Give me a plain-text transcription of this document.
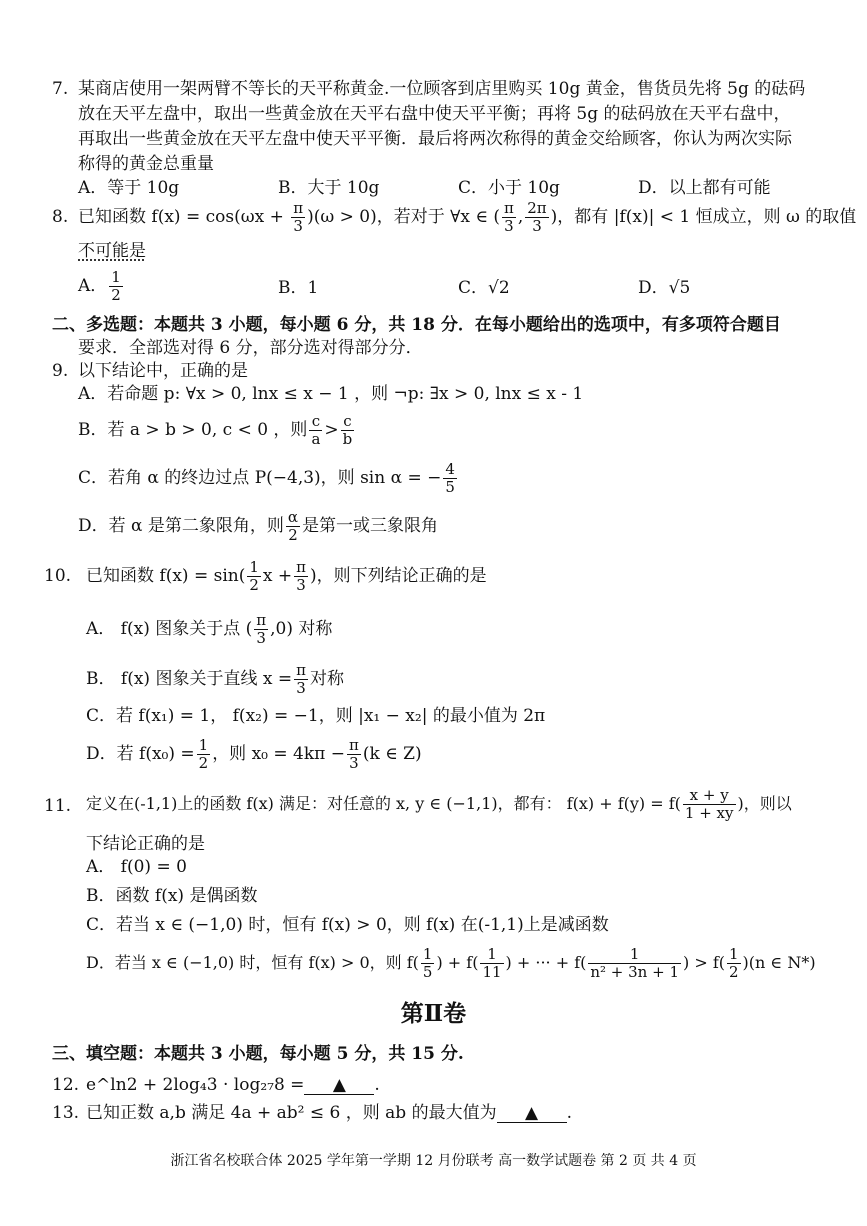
7. 某商店使用一架两臂不等长的天平称黄金.一位顾客到店里购买 10g 黄金，售货员先将 5g 的砝码
放在天平左盘中，取出一些黄金放在天平右盘中使天平平衡；再将 5g 的砝码放在天平右盘中，
再取出一些黄金放在天平左盘中使天平平衡．最后将两次称得的黄金交给顾客，你认为两次实际
称得的黄金总重量
A．等于 10g	B．大于 10g	C．小于 10g	D．以上都有可能
8. 已知函数 $f(x) = \cos(\omega x + \frac{\pi}{3} )(\omega > 0)$，若对于 ∀x ∈ ( $\frac{\pi}{3}$ , $\frac{2\pi}{3}$ )，都有 |f(x)| < 1 恒成立，则 ω 的取值
不可能是
A． $\frac{1}{2}$	B．1	C．√2	D．√5
二、多选题：本题共 3 小题，每小题 6 分，共 18 分．在每小题给出的选项中，有多项符合题目
要求．全部选对得 6 分，部分选对得部分分．
9. 以下结论中，正确的是
A．若命题 p: ∀x > 0, lnx ≤ x − 1 ，则 ¬p: ∃x > 0, lnx ≤ x - 1
B．若 a > b > 0, c < 0 ，则 $\frac{c}{a} > \frac{c}{b}$
C．若角 α 的终边过点 P(−4,3)，则 sin α = − $\frac{4}{5}$
D．若 α 是第二象限角，则 $\frac{\alpha}{2}$ 是第一或三象限角
10. 已知函数 $f(x) = \sin( \frac{1}{2}$ $x + \frac{\pi}{3}$ )，则下列结论正确的是
A． f(x) 图象关于点 ( $\frac{\pi}{3} ,0$) 对称
B． f(x) 图象关于直线 $x = \frac{\pi}{3}$ 对称
C．若 f(x₁) = 1， f(x₂) = −1，则 |x₁ − x₂| 的最小值为 2π
D．若 $f(x_0) = \frac{1}{2}$ ，则 $x_0 = 4k\pi - \frac{\pi}{3} (k$ ∈ Z)
11. 定义在(-1,1)上的函数 f(x) 满足：对任意的 x, y ∈ (−1,1)，都有： $f(x) + f(y) = f( \frac{x + y}{1 + xy}$ )，则以
下结论正确的是
A． f(0) = 0
B．函数 f(x) 是偶函数
C．若当 x ∈ (−1,0) 时，恒有 f(x) > 0，则 f(x) 在(-1,1)上是减函数
D．若当 x ∈ (−1,0) 时，恒有 f(x) > 0，则 $f( \frac{1}{5}$ ) + $f( \frac{1}{11}$ ) + ··· + $f( \frac{1}{\text{n² + 3n + 1}}$ ) > $f( \frac{1}{2} )(n$ ∈ N*)
第Ⅱ卷
三、填空题：本题共 3 小题，每小题 5 分，共 15 分.
12. e^ln2 + 2log₄3 · log₂₇8 = ▲ .
13. 已知正数 a,b 满足 4a + ab² ≤ 6 ，则 ab 的最大值为 ▲ .
浙江省名校联合体 2025 学年第一学期 12 月份联考 高一数学试题卷 第 2 页 共 4 页
